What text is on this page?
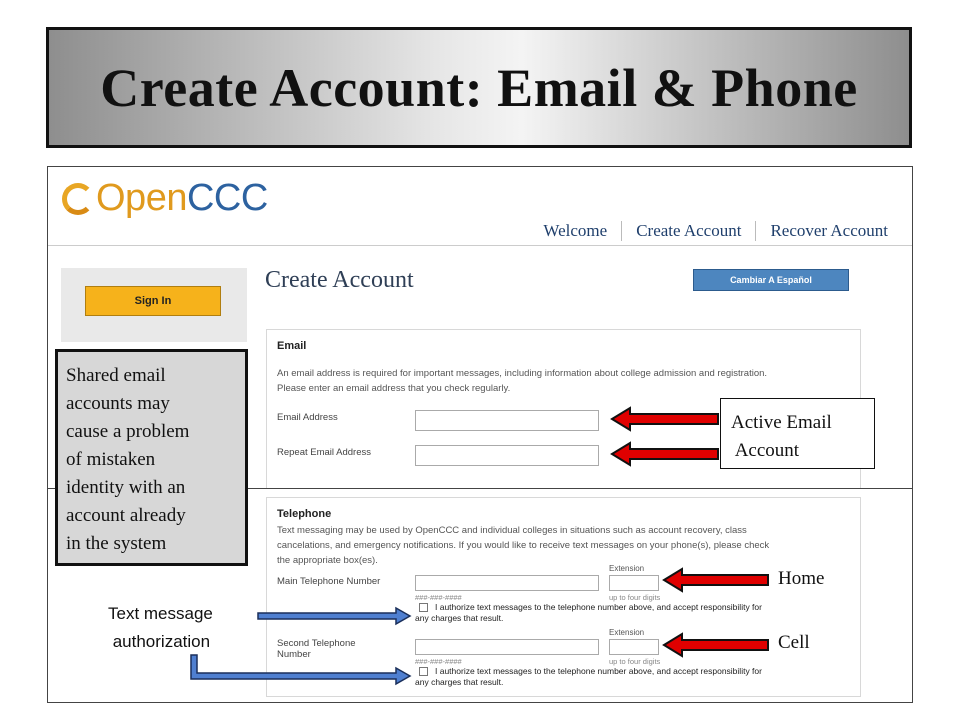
Create Account: Email & Phone
OpenCCC
Welcome	Create Account	Recover Account
Sign In
Create Account	Cambiar A Español
Email
An email address is required for important messages, including information about college admission and registration.
Please enter an email address that you check regularly.
Email Address
Repeat Email Address
Telephone
Text messaging may be used by OpenCCC and individual colleges in situations such as account recovery, class
cancelations, and emergency notifications. If you would like to receive text messages on your phone(s), please check
the appropriate box(es).
Main Telephone Number
###-###-####
Extension
up to four digits
I authorize text messages to the telephone number above, and accept responsibility for
any charges that result.
Second Telephone Number
###-###-####
Extension
up to four digits
I authorize text messages to the telephone number above, and accept responsibility for
any charges that result.
Shared email
accounts may
cause a problem
of mistaken
identity with an
account already
in the system
Active Email
Account
Home
Cell
Text message
authorization
